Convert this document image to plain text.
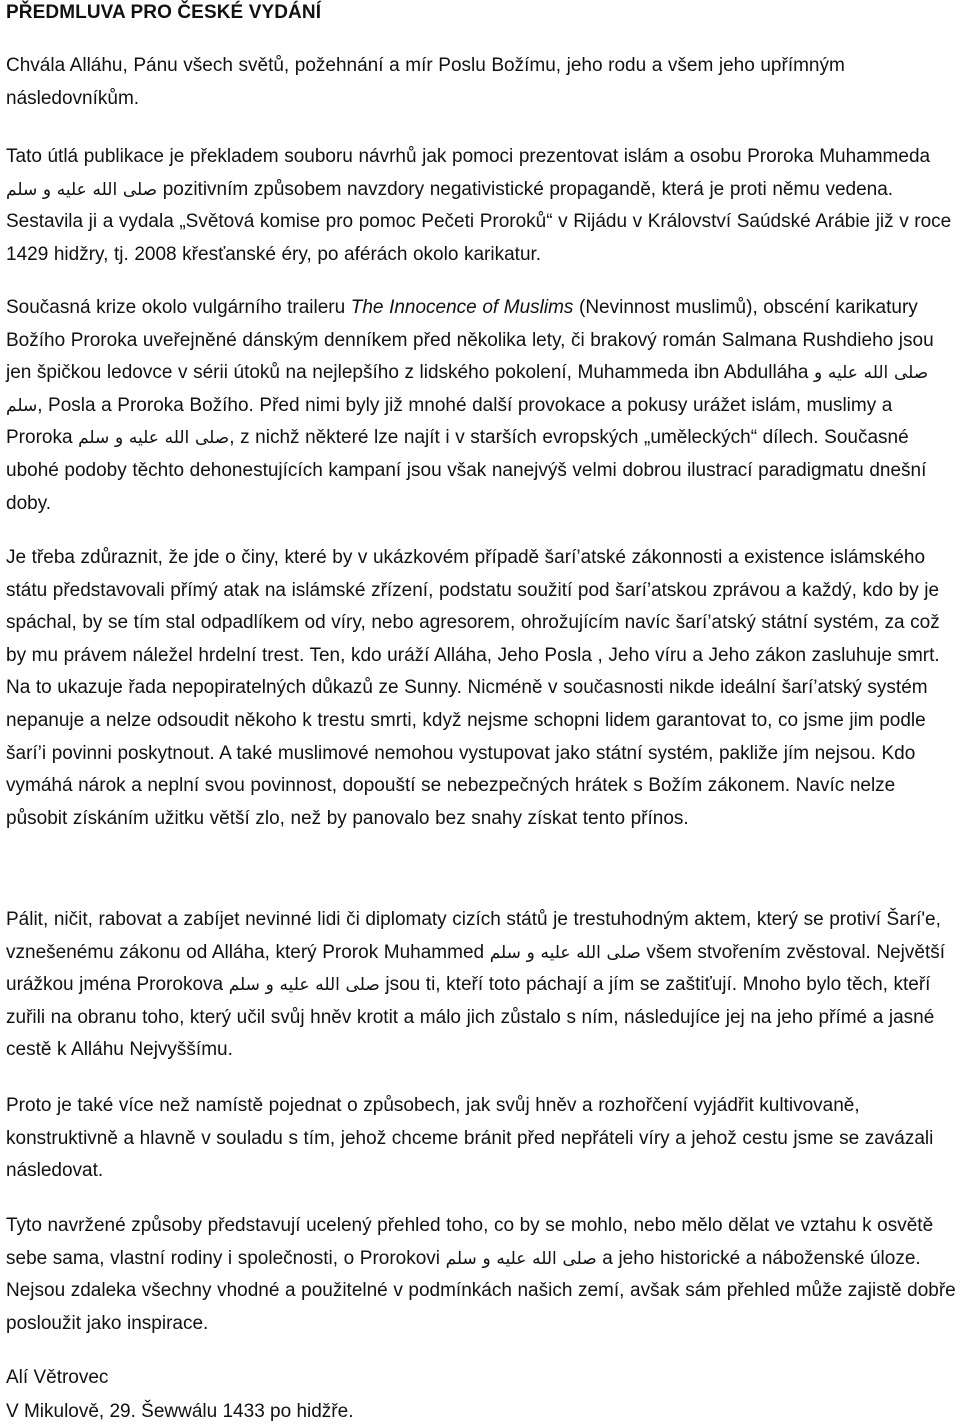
PŘEDMLUVA PRO ČESKÉ VYDÁNÍ

Chvála Alláhu, Pánu všech světů, požehnání a mír Poslu Božímu, jeho rodu a všem jeho upřímným následovníkům.

Tato útlá publikace je překladem souboru návrhů jak pomoci prezentovat islám a osobu Proroka Muhammeda صلى الله عليه و سلم pozitivním způsobem navzdory negativistické propagandě, která je proti němu vedena. Sestavila ji a vydala „Světová komise pro pomoc Pečeti Proroků“ v Rijádu v Království Saúdské Arábie již v roce 1429 hidžry, tj. 2008 křesťanské éry, po aférách okolo karikatur.

Současná krize okolo vulgárního traileru The Innocence of Muslims (Nevinnost muslimů), obscéní karikatury Božího Proroka uveřejněné dánským denníkem před několika lety, či brakový román Salmana Rushdieho jsou jen špičkou ledovce v sérii útoků na nejlepšího z lidského pokolení, Muhammeda ibn Abdulláha صلى الله عليه و سلم, Posla a Proroka Božího. Před nimi byly již mnohé další provokace a pokusy urážet islám, muslimy a Proroka صلى الله عليه و سلم, z nichž některé lze najít i v starších evropských „uměleckých“ dílech. Současné ubohé podoby těchto dehonestujících kampaní jsou však nanejvýš velmi dobrou ilustrací paradigmatu dnešní doby.

Je třeba zdůraznit, že jde o činy, které by v ukázkovém případě šarí’atské zákonnosti a existence islámského státu představovali přímý atak na islámské zřízení, podstatu soužití pod šarí’atskou zprávou a každý, kdo by je spáchal, by se tím stal odpadlíkem od víry, nebo agresorem, ohrožujícím navíc šarí’atský státní systém, za což by mu právem náležel hrdelní trest. Ten, kdo uráží Alláha, Jeho Posla , Jeho víru a Jeho zákon zasluhuje smrt. Na to ukazuje řada nepopiratelných důkazů ze Sunny. Nicméně v současnosti nikde ideální šarí’atský systém nepanuje a nelze odsoudit někoho k trestu smrti, když nejsme schopni lidem garantovat to, co jsme jim podle šarí’i povinni poskytnout. A také muslimové nemohou vystupovat jako státní systém, pakliže jím nejsou. Kdo vymáhá nárok a neplní svou povinnost, dopouští se nebezpečných hrátek s Božím zákonem. Navíc nelze působit získáním užitku větší zlo, než by panovalo bez snahy získat tento přínos.

Pálit, ničit, rabovat a zabíjet nevinné lidi či diplomaty cizích států je trestuhodným aktem, který se protiví Šarí'e, vznešenému zákonu od Alláha, který Prorok Muhammed صلى الله عليه و سلم všem stvořením zvěstoval. Největší urážkou jména Prorokova صلى الله عليه و سلم jsou ti, kteří toto páchají a jím se zaštiťují. Mnoho bylo těch, kteří zuřili na obranu toho, který učil svůj hněv krotit a málo jich zůstalo s ním, následujíce jej na jeho přímé a jasné cestě k Alláhu Nejvyššímu.

Proto je také více než namístě pojednat o způsobech, jak svůj hněv a rozhořčení vyjádřit kultivovaně, konstruktivně a hlavně v souladu s tím, jehož chceme bránit před nepřáteli víry a jehož cestu jsme se zavázali následovat.

Tyto navržené způsoby představují ucelený přehled toho, co by se mohlo, nebo mělo dělat ve vztahu k osvětě sebe sama, vlastní rodiny i společnosti, o Prorokovi صلى الله عليه و سلم a jeho historické a náboženské úloze. Nejsou zdaleka všechny vhodné a použitelné v podmínkách našich zemí, avšak sám přehled může zajistě dobře posloužit jako inspirace.

Alí Větrovec

V Mikulově, 29. Šewwálu 1433 po hidžře.
